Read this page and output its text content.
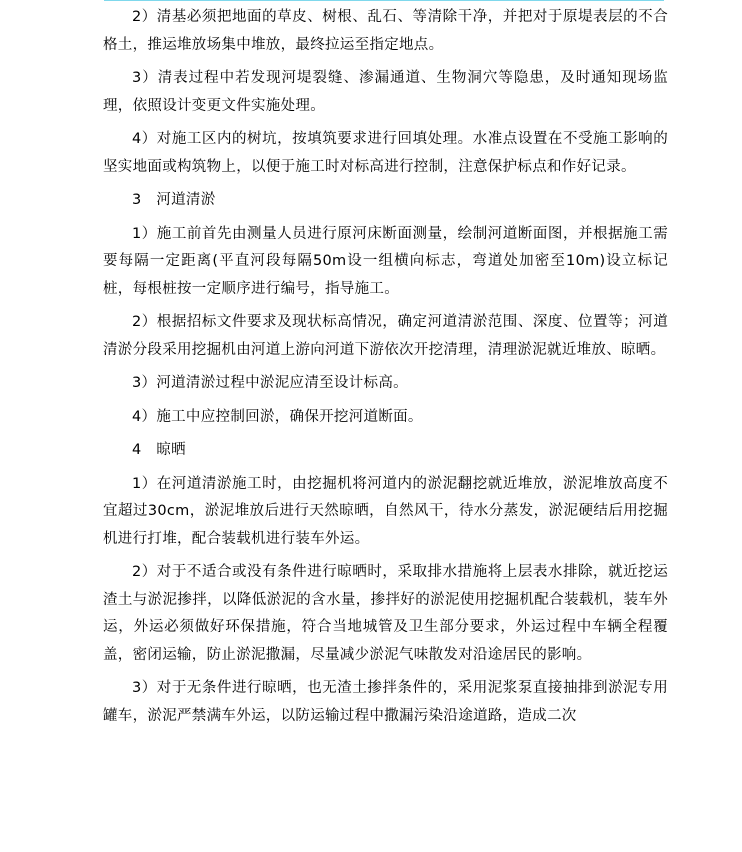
2）清基必须把地面的草皮、树根、乱石、等清除干净，并把对于原堤表层的不合格土，推运堆放场集中堆放，最终拉运至指定地点。

3）清表过程中若发现河堤裂缝、渗漏通道、生物洞穴等隐患，及时通知现场监理，依照设计变更文件实施处理。

4）对施工区内的树坑，按填筑要求进行回填处理。水准点设置在不受施工影响的坚实地面或构筑物上，以便于施工时对标高进行控制，注意保护标点和作好记录。

3　河道清淤

1）施工前首先由测量人员进行原河床断面测量，绘制河道断面图，并根据施工需要每隔一定距离(平直河段每隔50m设一组横向标志，弯道处加密至10m)设立标记桩，每根桩按一定顺序进行编号，指导施工。

2）根据招标文件要求及现状标高情况，确定河道清淤范围、深度、位置等；河道清淤分段采用挖掘机由河道上游向河道下游依次开挖清理，清理淤泥就近堆放、晾晒。

3）河道清淤过程中淤泥应清至设计标高。

4）施工中应控制回淤，确保开挖河道断面。

4　晾晒

1）在河道清淤施工时，由挖掘机将河道内的淤泥翻挖就近堆放，淤泥堆放高度不宜超过30cm，淤泥堆放后进行天然晾晒，自然风干，待水分蒸发，淤泥硬结后用挖掘机进行打堆，配合装载机进行装车外运。

2）对于不适合或没有条件进行晾晒时，采取排水措施将上层表水排除，就近挖运渣土与淤泥掺拌，以降低淤泥的含水量，掺拌好的淤泥使用挖掘机配合装载机，装车外运，外运必须做好环保措施，符合当地城管及卫生部分要求，外运过程中车辆全程覆盖，密闭运输，防止淤泥撒漏，尽量减少淤泥气味散发对沿途居民的影响。

3）对于无条件进行晾晒，也无渣土掺拌条件的，采用泥浆泵直接抽排到淤泥专用罐车，淤泥严禁满车外运，以防运输过程中撒漏污染沿途道路，造成二次
